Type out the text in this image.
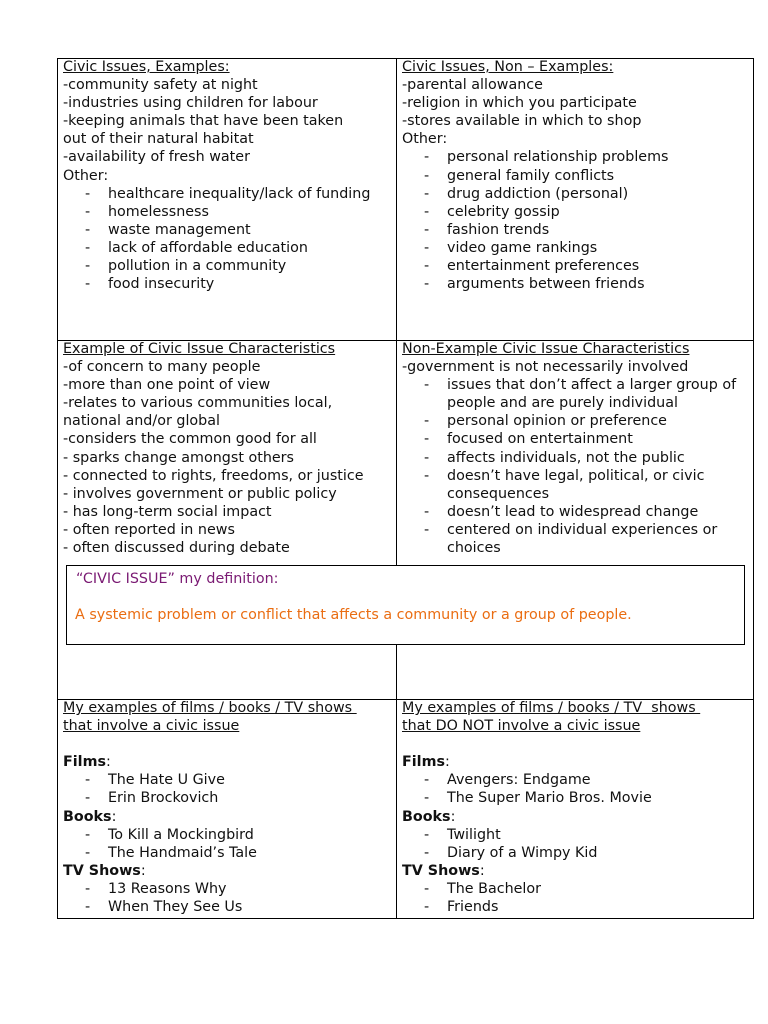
Civic Issues, Examples:
-community safety at night
-industries using children for labour
-keeping animals that have been taken
out of their natural habitat
-availability of fresh water
Other:
- healthcare inequality/lack of funding
- homelessness
- waste management
- lack of affordable education
- pollution in a community
- food insecurity
Civic Issues, Non – Examples:
-parental allowance
-religion in which you participate
-stores available in which to shop
Other:
- personal relationship problems
- general family conflicts
- drug addiction (personal)
- celebrity gossip
- fashion trends
- video game rankings
- entertainment preferences
- arguments between friends
Example of Civic Issue Characteristics
-of concern to many people
-more than one point of view
-relates to various communities local,
national and/or global
-considers the common good for all
- sparks change amongst others
- connected to rights, freedoms, or justice
- involves government or public policy
- has long-term social impact
- often reported in news
- often discussed during debate
Non-Example Civic Issue Characteristics
-government is not necessarily involved
- issues that don’t affect a larger group of people and are purely individual
- personal opinion or preference
- focused on entertainment
- affects individuals, not the public
- doesn’t have legal, political, or civic consequences
- doesn’t lead to widespread change
- centered on individual experiences or choices
My examples of films / books / TV shows
that involve a civic issue
Films:
- The Hate U Give
- Erin Brockovich
Books:
- To Kill a Mockingbird
- The Handmaid’s Tale
TV Shows:
- 13 Reasons Why
- When They See Us
My examples of films / books / TV  shows
that DO NOT involve a civic issue
Films:
- Avengers: Endgame
- The Super Mario Bros. Movie
Books:
- Twilight
- Diary of a Wimpy Kid
TV Shows:
- The Bachelor
- Friends
“CIVIC ISSUE” my definition:
A systemic problem or conflict that affects a community or a group of people.
